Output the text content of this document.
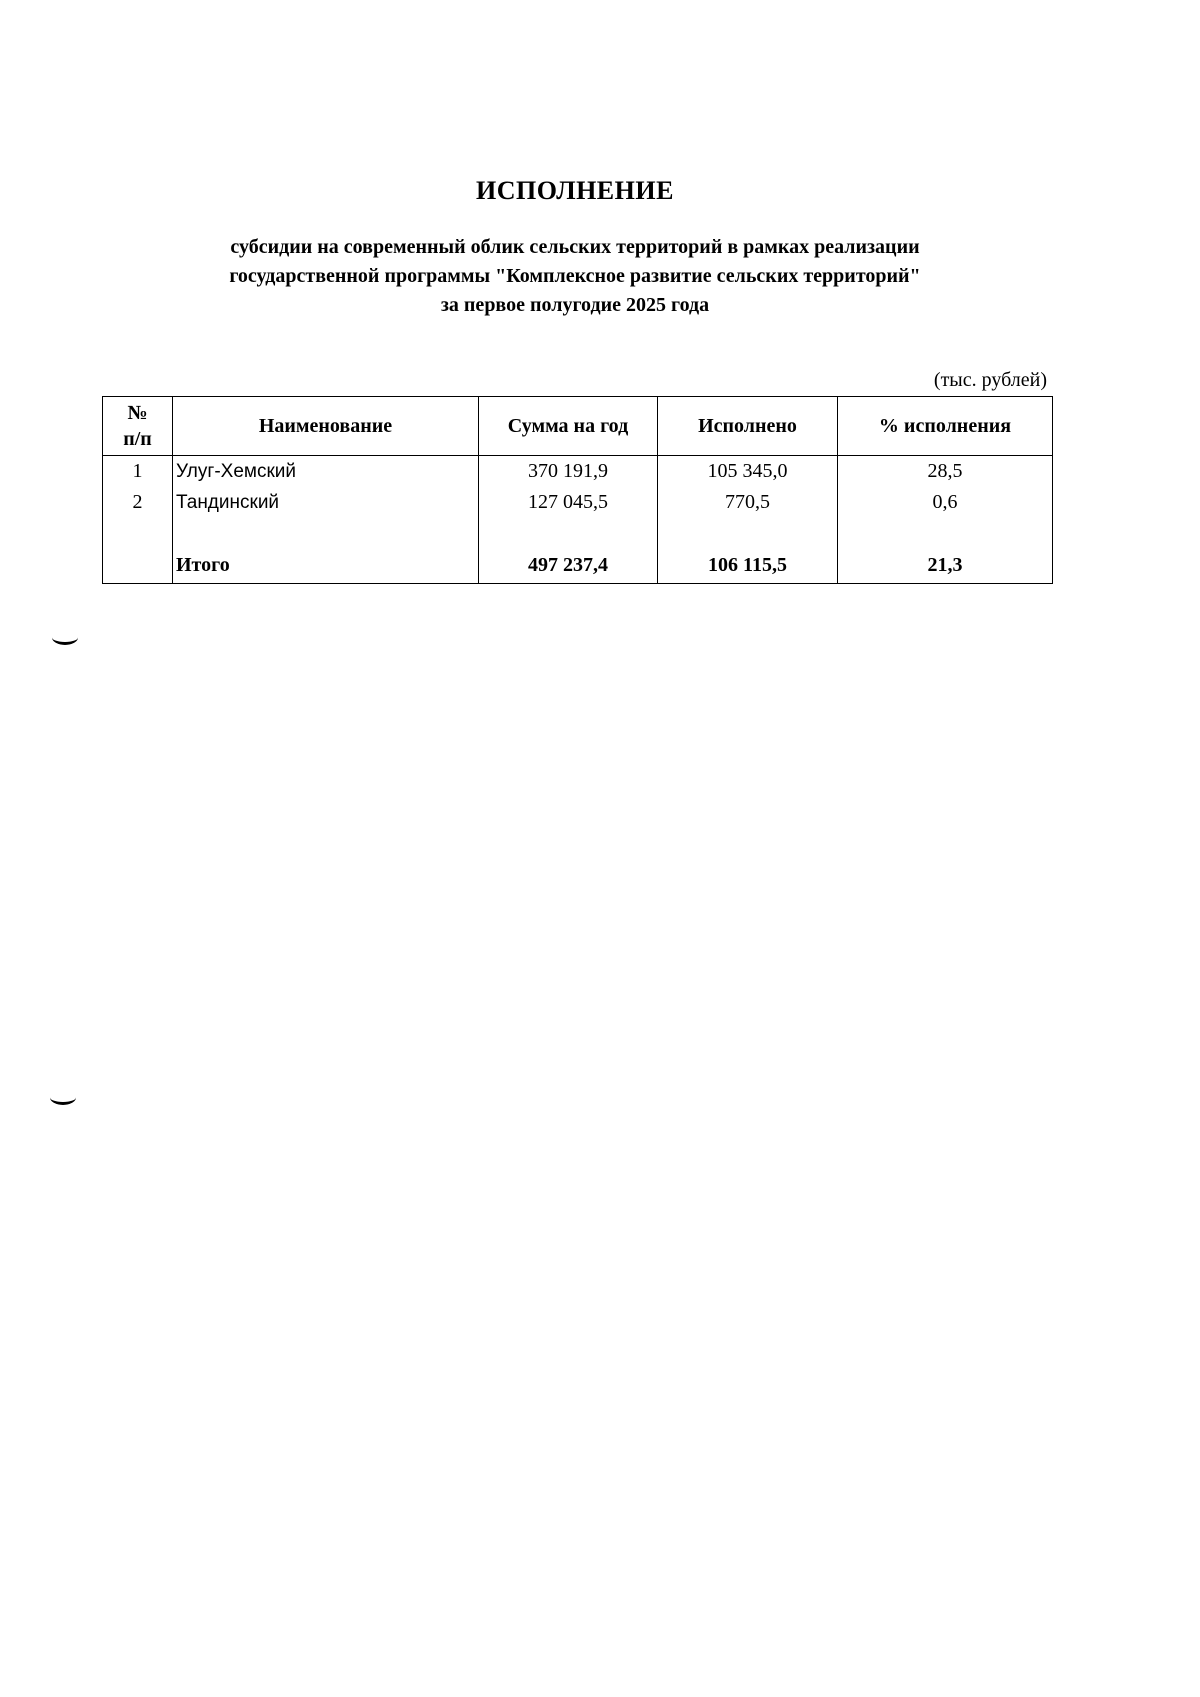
ИСПОЛНЕНИЕ
субсидии на современный облик сельских территорий в рамках реализации
государственной программы "Комплексное развитие сельских территорий"
за первое полугодие 2025 года
(тыс. рублей)
№
п/п	Наименование	Сумма на год	Исполнено	% исполнения
1	Улуг-Хемский	370 191,9	105 345,0	28,5
2	Тандинский	127 045,5	770,5	0,6

	Итого	497 237,4	106 115,5	21,3
